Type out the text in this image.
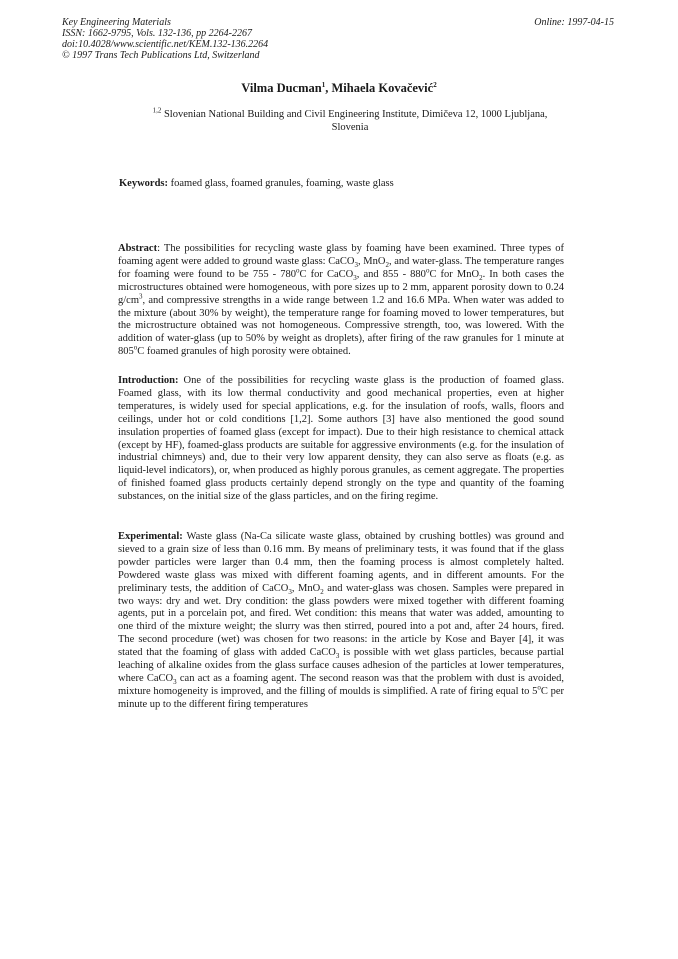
Key Engineering Materials
ISSN: 1662-9795, Vols. 132-136, pp 2264-2267
doi:10.4028/www.scientific.net/KEM.132-136.2264
© 1997 Trans Tech Publications Ltd, Switzerland
Online: 1997-04-15
Vilma Ducman$^1$, Mihaela Kovačević$^2$
$^{1,2}$ Slovenian National Building and Civil Engineering Institute, Dimičeva 12, 1000 Ljubljana,
Slovenia
Keywords: foamed glass, foamed granules, foaming, waste glass

Abstract: The possibilities for recycling waste glass by foaming have been examined. Three types of foaming agent were added to ground waste glass: CaCO$_3$, MnO$_2$, and water-glass. The temperature ranges for foaming were found to be 755 - 780$^o$C for CaCO$_3$, and 855 - 880$^o$C for MnO$_2$. In both cases the microstructures obtained were homogeneous, with pore sizes up to 2 mm, apparent porosity down to 0.24 $g/cm^3$, and compressive strengths in a wide range between 1.2 and 16.6 MPa. When water was added to the mixture (about 30% by weight), the temperature range for foaming moved to lower temperatures, but the microstructure obtained was not homogeneous. Compressive strength, too, was lowered. With the addition of water-glass (up to 50% by weight as droplets), after firing of the raw granules for 1 minute at 805$^o$C foamed granules of high porosity were obtained.

Introduction: One of the possibilities for recycling waste glass is the production of foamed glass. Foamed glass, with its low thermal conductivity and good mechanical properties, even at higher temperatures, is widely used for special applications, e.g. for the insulation of roofs, walls, floors and ceilings, under hot or cold conditions [1,2]. Some authors [3] have also mentioned the good sound insulation properties of foamed glass (except for impact). Due to their high resistance to chemical attack (except by HF), foamed-glass products are suitable for aggressive environments (e.g. for the insulation of industrial chimneys) and, due to their very low apparent density, they can also serve as floats (e.g. as liquid-level indicators), or, when produced as highly porous granules, as cement aggregate. The properties of finished foamed glass products certainly depend strongly on the type and quantity of the foaming substances, on the initial size of the glass particles, and on the firing regime.

Experimental: Waste glass (Na-Ca silicate waste glass, obtained by crushing bottles) was ground and sieved to a grain size of less than 0.16 mm. By means of preliminary tests, it was found that if the glass powder particles were larger than 0.4 mm, then the foaming process is almost completely halted. Powdered waste glass was mixed with different foaming agents, and in different amounts. For the preliminary tests, the addition of CaCO$_3$, MnO$_2$ and water-glass was chosen. Samples were prepared in two ways: dry and wet. Dry condition: the glass powders were mixed together with different foaming agents, put in a porcelain pot, and fired. Wet condition: this means that water was added, amounting to one third of the mixture weight; the slurry was then stirred, poured into a pot and, after 24 hours, fired. The second procedure (wet) was chosen for two reasons: in the article by Kose and Bayer [4], it was stated that the foaming of glass with added CaCO$_3$ is possible with wet glass particles, because partial leaching of alkaline oxides from the glass surface causes adhesion of the particles at lower temperatures, where CaCO$_3$ can act as a foaming agent. The second reason was that the problem with dust is avoided, mixture homogeneity is improved, and the filling of moulds is simplified. A rate of firing equal to 5$^o$C per minute up to the different firing temperatures
